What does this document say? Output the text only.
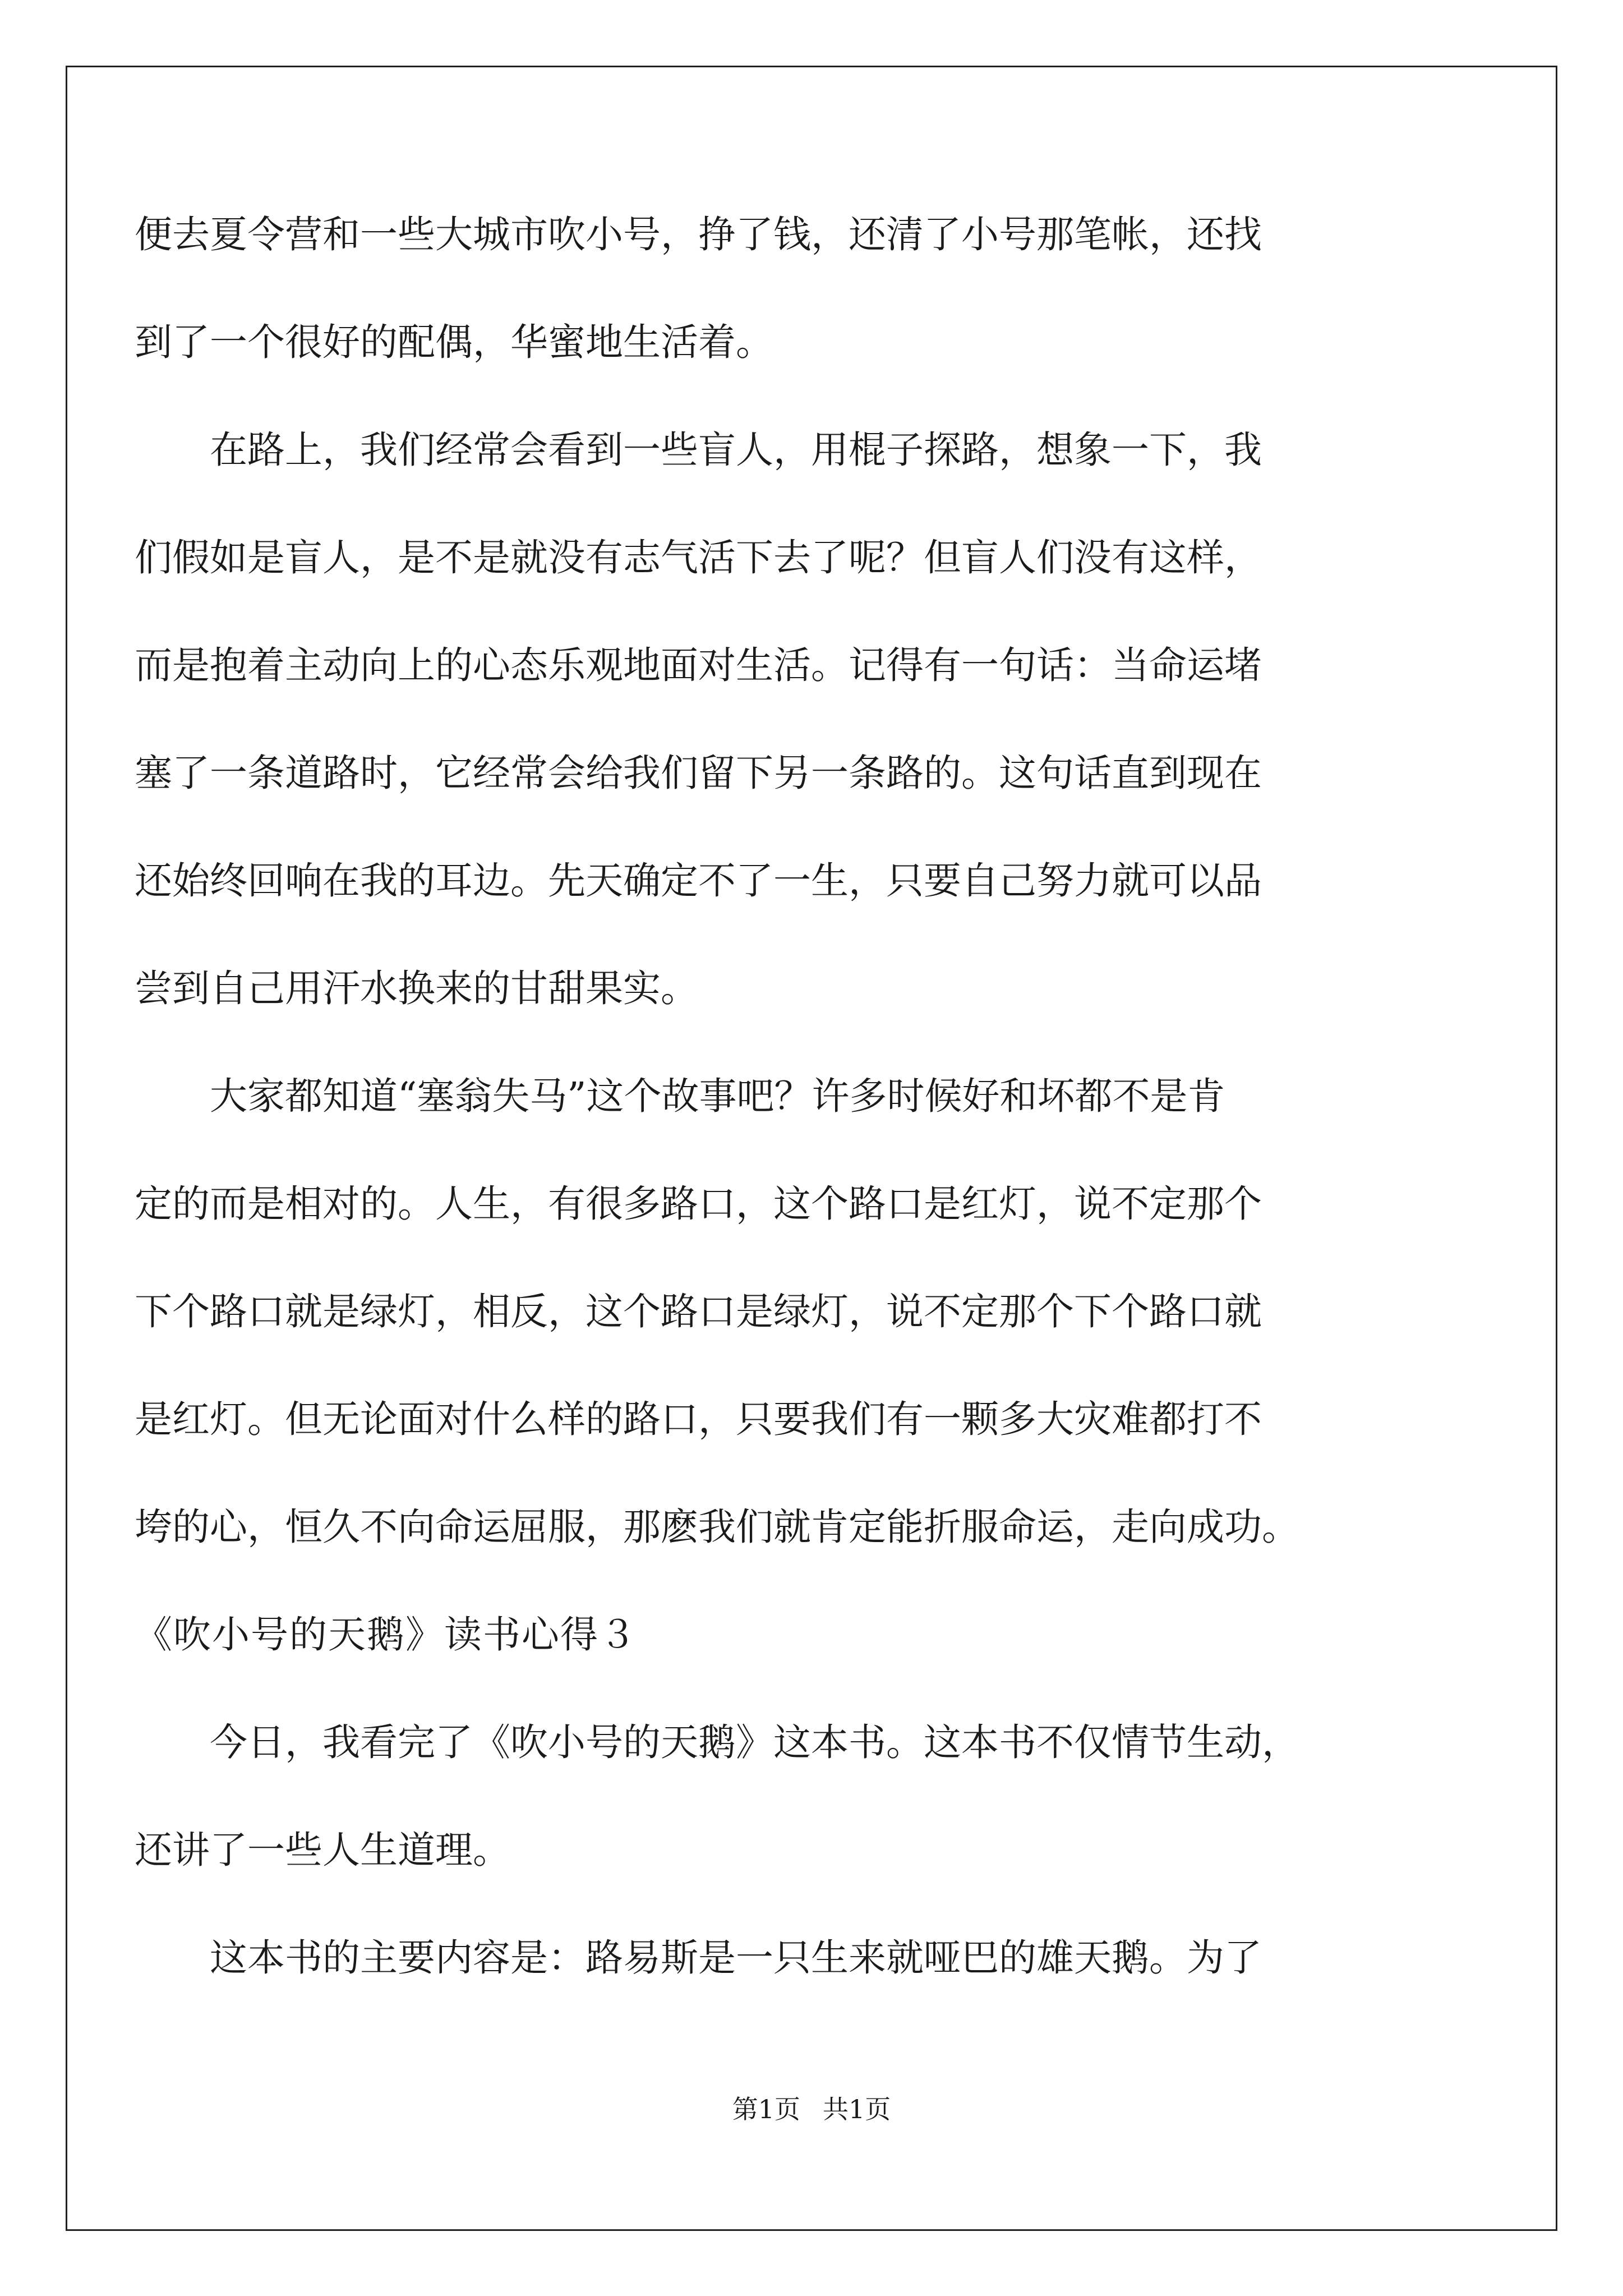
便去夏令营和一些大城市吹小号，挣了钱，还清了小号那笔帐，还找
到了一个很好的配偶，华蜜地生活着。
在路上，我们经常会看到一些盲人，用棍子探路，想象一下，我
们假如是盲人，是不是就没有志气活下去了呢？但盲人们没有这样，
而是抱着主动向上的心态乐观地面对生活。记得有一句话：当命运堵
塞了一条道路时，它经常会给我们留下另一条路的。这句话直到现在
还始终回响在我的耳边。先天确定不了一生，只要自己努力就可以品
尝到自己用汗水换来的甘甜果实。
大家都知道“塞翁失马”这个故事吧？许多时候好和坏都不是肯
定的而是相对的。人生，有很多路口，这个路口是红灯，说不定那个
下个路口就是绿灯，相反，这个路口是绿灯，说不定那个下个路口就
是红灯。但无论面对什么样的路口，只要我们有一颗多大灾难都打不
垮的心，恒久不向命运屈服，那麽我们就肯定能折服命运，走向成功。
《吹小号的天鹅》读书心得３
今日，我看完了《吹小号的天鹅》这本书。这本书不仅情节生动，
还讲了一些人生道理。
这本书的主要内容是：路易斯是一只生来就哑巴的雄天鹅。为了
第1页 共1页
